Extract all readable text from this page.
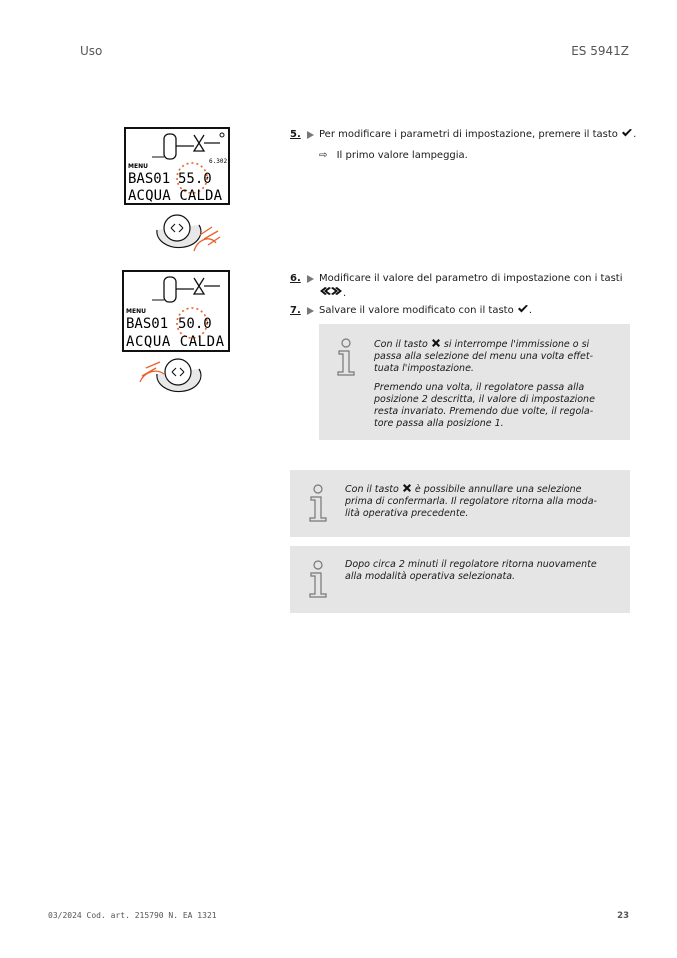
Uso	ES 5941Z
6.302
MENU
BAS01 55.0
ACQUA CALDA
MENU
BAS01 50.0
ACQUA CALDA
5. Per modificare i parametri di impostazione, premere il tasto .
⇨ Il primo valore lampeggia.
6. Modificare il valore del parametro di impostazione con i tasti
.
7. Salvare il valore modificato con il tasto .

Con il tasto si interrompe l'immissione o si passa alla selezione del menu una volta effet-tuata l'impostazione.

Premendo una volta, il regolatore passa alla posizione 2 descritta, il valore di impostazione resta invariato. Premendo due volte, il regola-tore passa alla posizione 1.

Con il tasto è possibile annullare una selezione prima di confermarla. Il regolatore ritorna alla moda-lità operativa precedente.

Dopo circa 2 minuti il regolatore ritorna nuovamente alla modalità operativa selezionata.

03/2024 Cod. art. 215790 N. EA 1321	23
